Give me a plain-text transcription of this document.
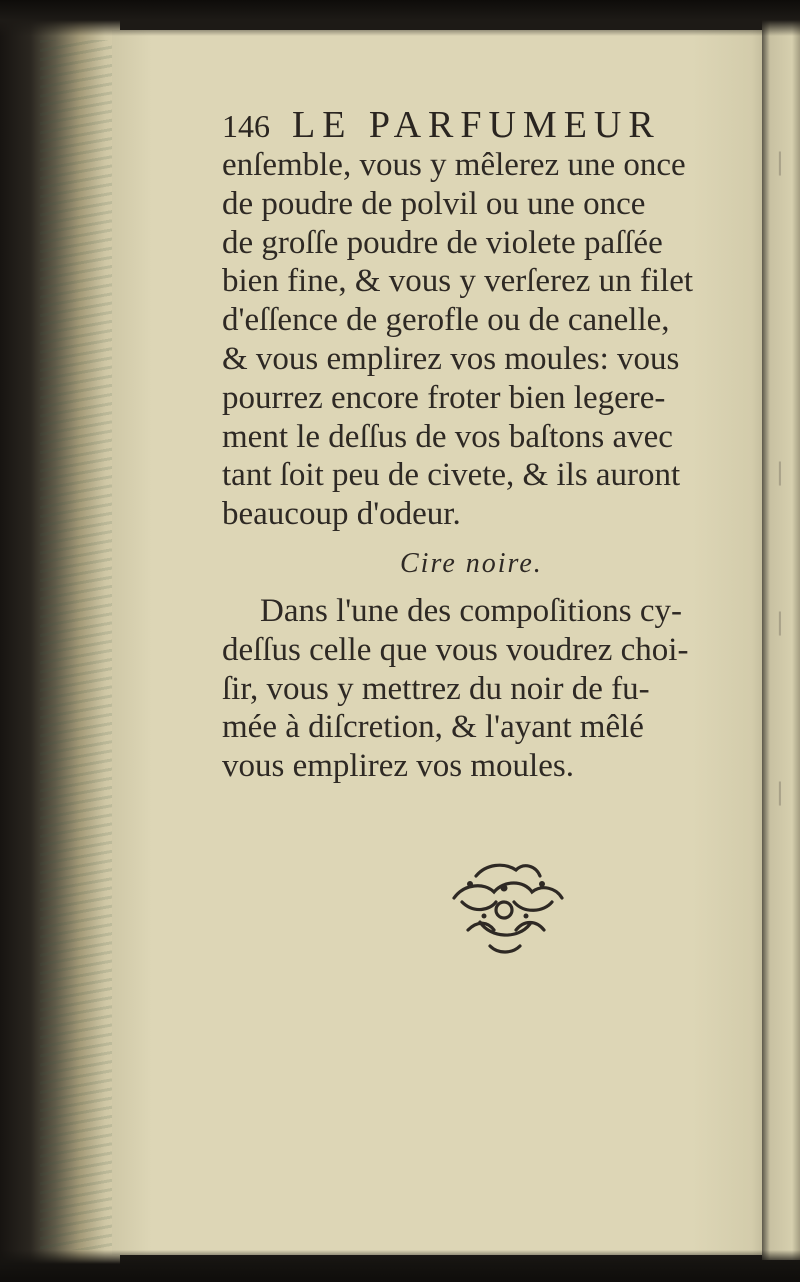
∣
∣
∣
∣
146 LE PARFUMEUR
enſemble, vous y mêlerez une once
de poudre de polvil ou une once
de groſſe poudre de violete paſſée
bien fine, & vous y verſerez un filet
d'eſſence de gerofle ou de canelle,
& vous emplirez vos moules: vous
pourrez encore froter bien legere-
ment le deſſus de vos baſtons avec
tant ſoit peu de civete, & ils auront
beaucoup d'odeur.
Cire noire.
Dans l'une des compoſitions cy-
deſſus celle que vous voudrez choi-
ſir, vous y mettrez du noir de fu-
mée à diſcretion, & l'ayant mêlé
vous emplirez vos moules.
